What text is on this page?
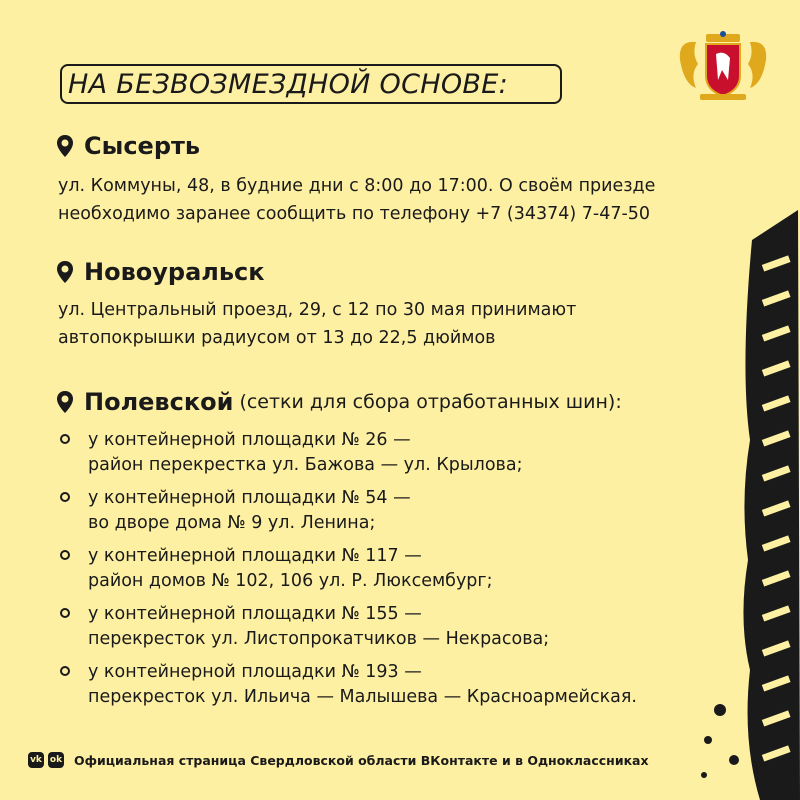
НА БЕЗВОЗМЕЗДНОЙ ОСНОВЕ:
Сысерть
ул. Коммуны, 48, в будние дни с 8:00 до 17:00. О своём приезде
необходимо заранее сообщить по телефону +7 (34374) 7-47-50
Новоуральск
ул. Центральный проезд, 29, с 12 по 30 мая принимают
автопокрышки радиусом от 13 до 22,5 дюймов
Полевской (сетки для сбора отработанных шин):
у контейнерной площадки № 26 —
район перекрестка ул. Бажова — ул. Крылова;
у контейнерной площадки № 54 —
во дворе дома № 9 ул. Ленина;
у контейнерной площадки № 117 —
район домов № 102, 106 ул. Р. Люксембург;
у контейнерной площадки № 155 —
перекресток ул. Листопрокатчиков — Некрасова;
у контейнерной площадки № 193 —
перекресток ул. Ильича — Малышева — Красноармейская.
vk ok Официальная страница Свердловской области ВКонтакте и в Одноклассниках
